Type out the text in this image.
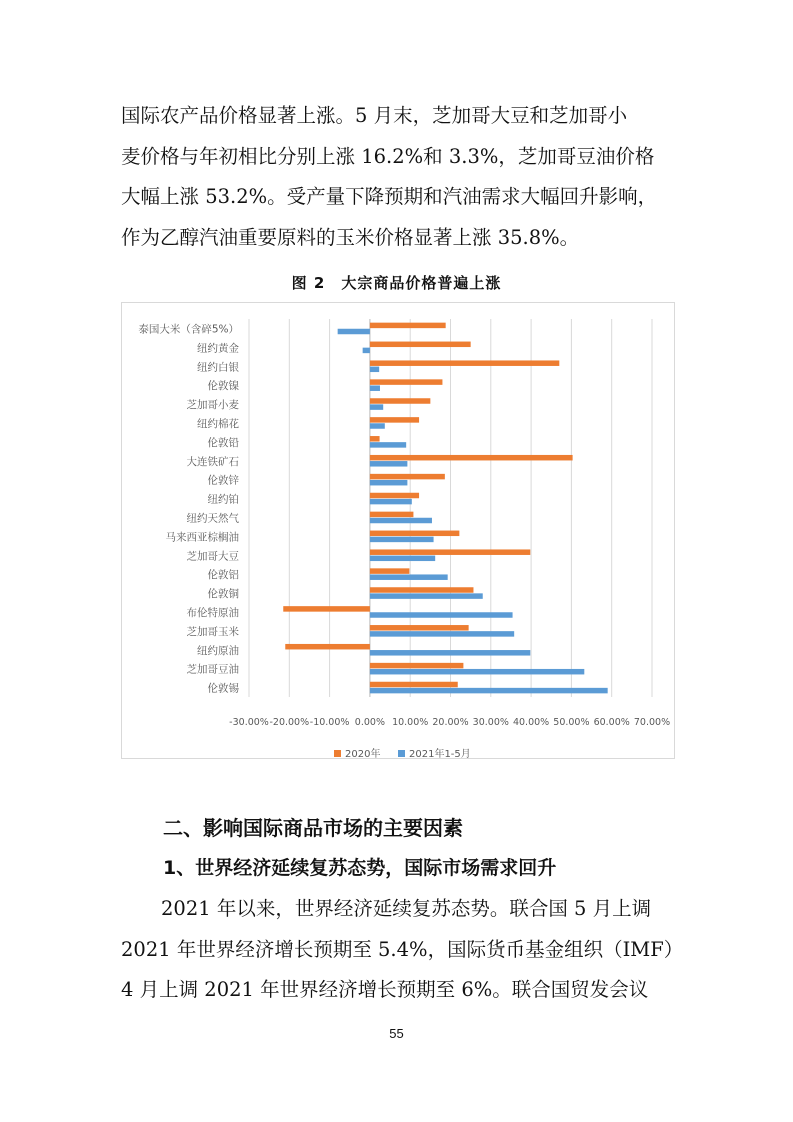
国际农产品价格显著上涨。5 月末，芝加哥大豆和芝加哥小
麦价格与年初相比分别上涨 16.2%和 3.3%，芝加哥豆油价格
大幅上涨 53.2%。受产量下降预期和汽油需求大幅回升影响，
作为乙醇汽油重要原料的玉米价格显著上涨 35.8%。
图 2　大宗商品价格普遍上涨
泰国大米（含碎5%）
纽约黄金
纽约白银
伦敦镍
芝加哥小麦
纽约棉花
伦敦铅
大连铁矿石
伦敦锌
纽约铂
纽约天然气
马来西亚棕榈油
芝加哥大豆
伦敦铝
伦敦铜
布伦特原油
芝加哥玉米
纽约原油
芝加哥豆油
伦敦锡
-30.00% -20.00% -10.00% 0.00% 10.00% 20.00% 30.00% 40.00% 50.00% 60.00% 70.00%
2020年	2021年1-5月
二、影响国际商品市场的主要因素
1、世界经济延续复苏态势，国际市场需求回升
2021 年以来，世界经济延续复苏态势。联合国 5 月上调
2021 年世界经济增长预期至 5.4%，国际货币基金组织（IMF）
4 月上调 2021 年世界经济增长预期至 6%。联合国贸发会议
55
